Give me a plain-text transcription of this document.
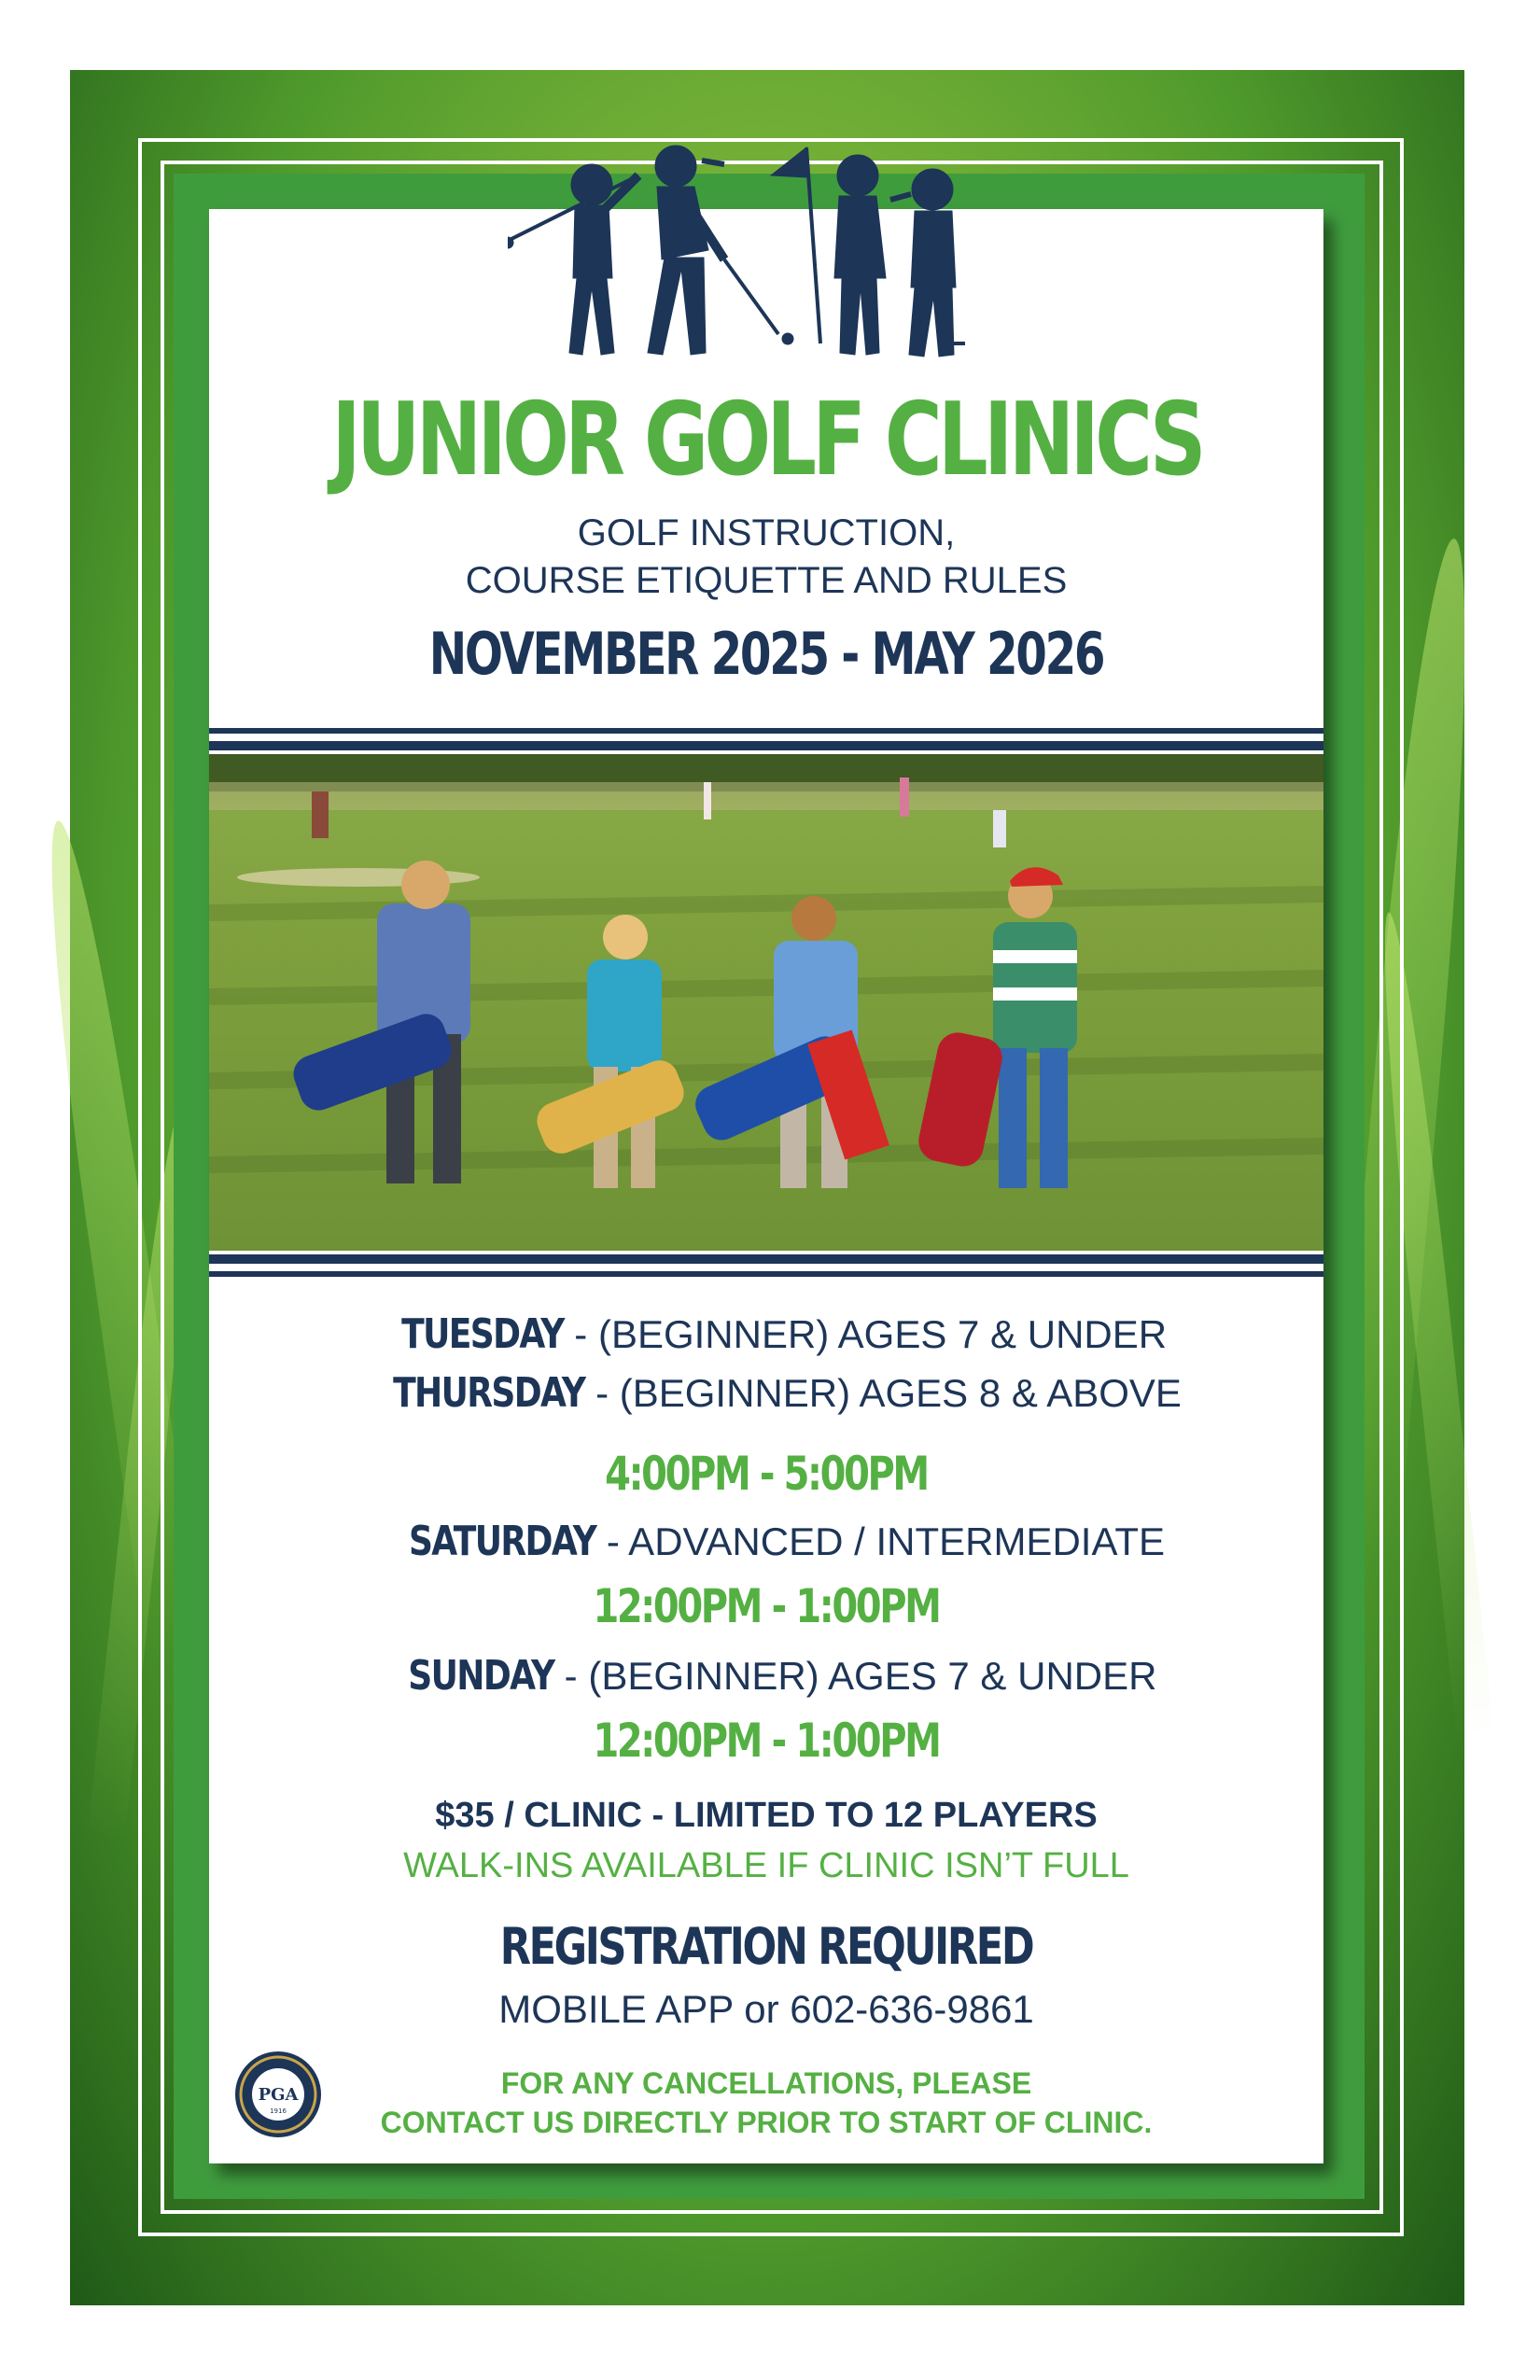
JUNIOR GOLF CLINICS
GOLF INSTRUCTION,
COURSE ETIQUETTE AND RULES
NOVEMBER 2025 - MAY 2026
TUESDAY - (BEGINNER) AGES 7 & UNDER
THURSDAY - (BEGINNER) AGES 8 & ABOVE
4:00PM - 5:00PM
SATURDAY - ADVANCED / INTERMEDIATE
12:00PM - 1:00PM
SUNDAY - (BEGINNER) AGES 7 & UNDER
12:00PM - 1:00PM
$35 / CLINIC - LIMITED TO 12 PLAYERS
WALK-INS AVAILABLE IF CLINIC ISN’T FULL
REGISTRATION REQUIRED
MOBILE APP or 602-636-9861
FOR ANY CANCELLATIONS, PLEASE
CONTACT US DIRECTLY PRIOR TO START OF CLINIC.
PGA
1916
